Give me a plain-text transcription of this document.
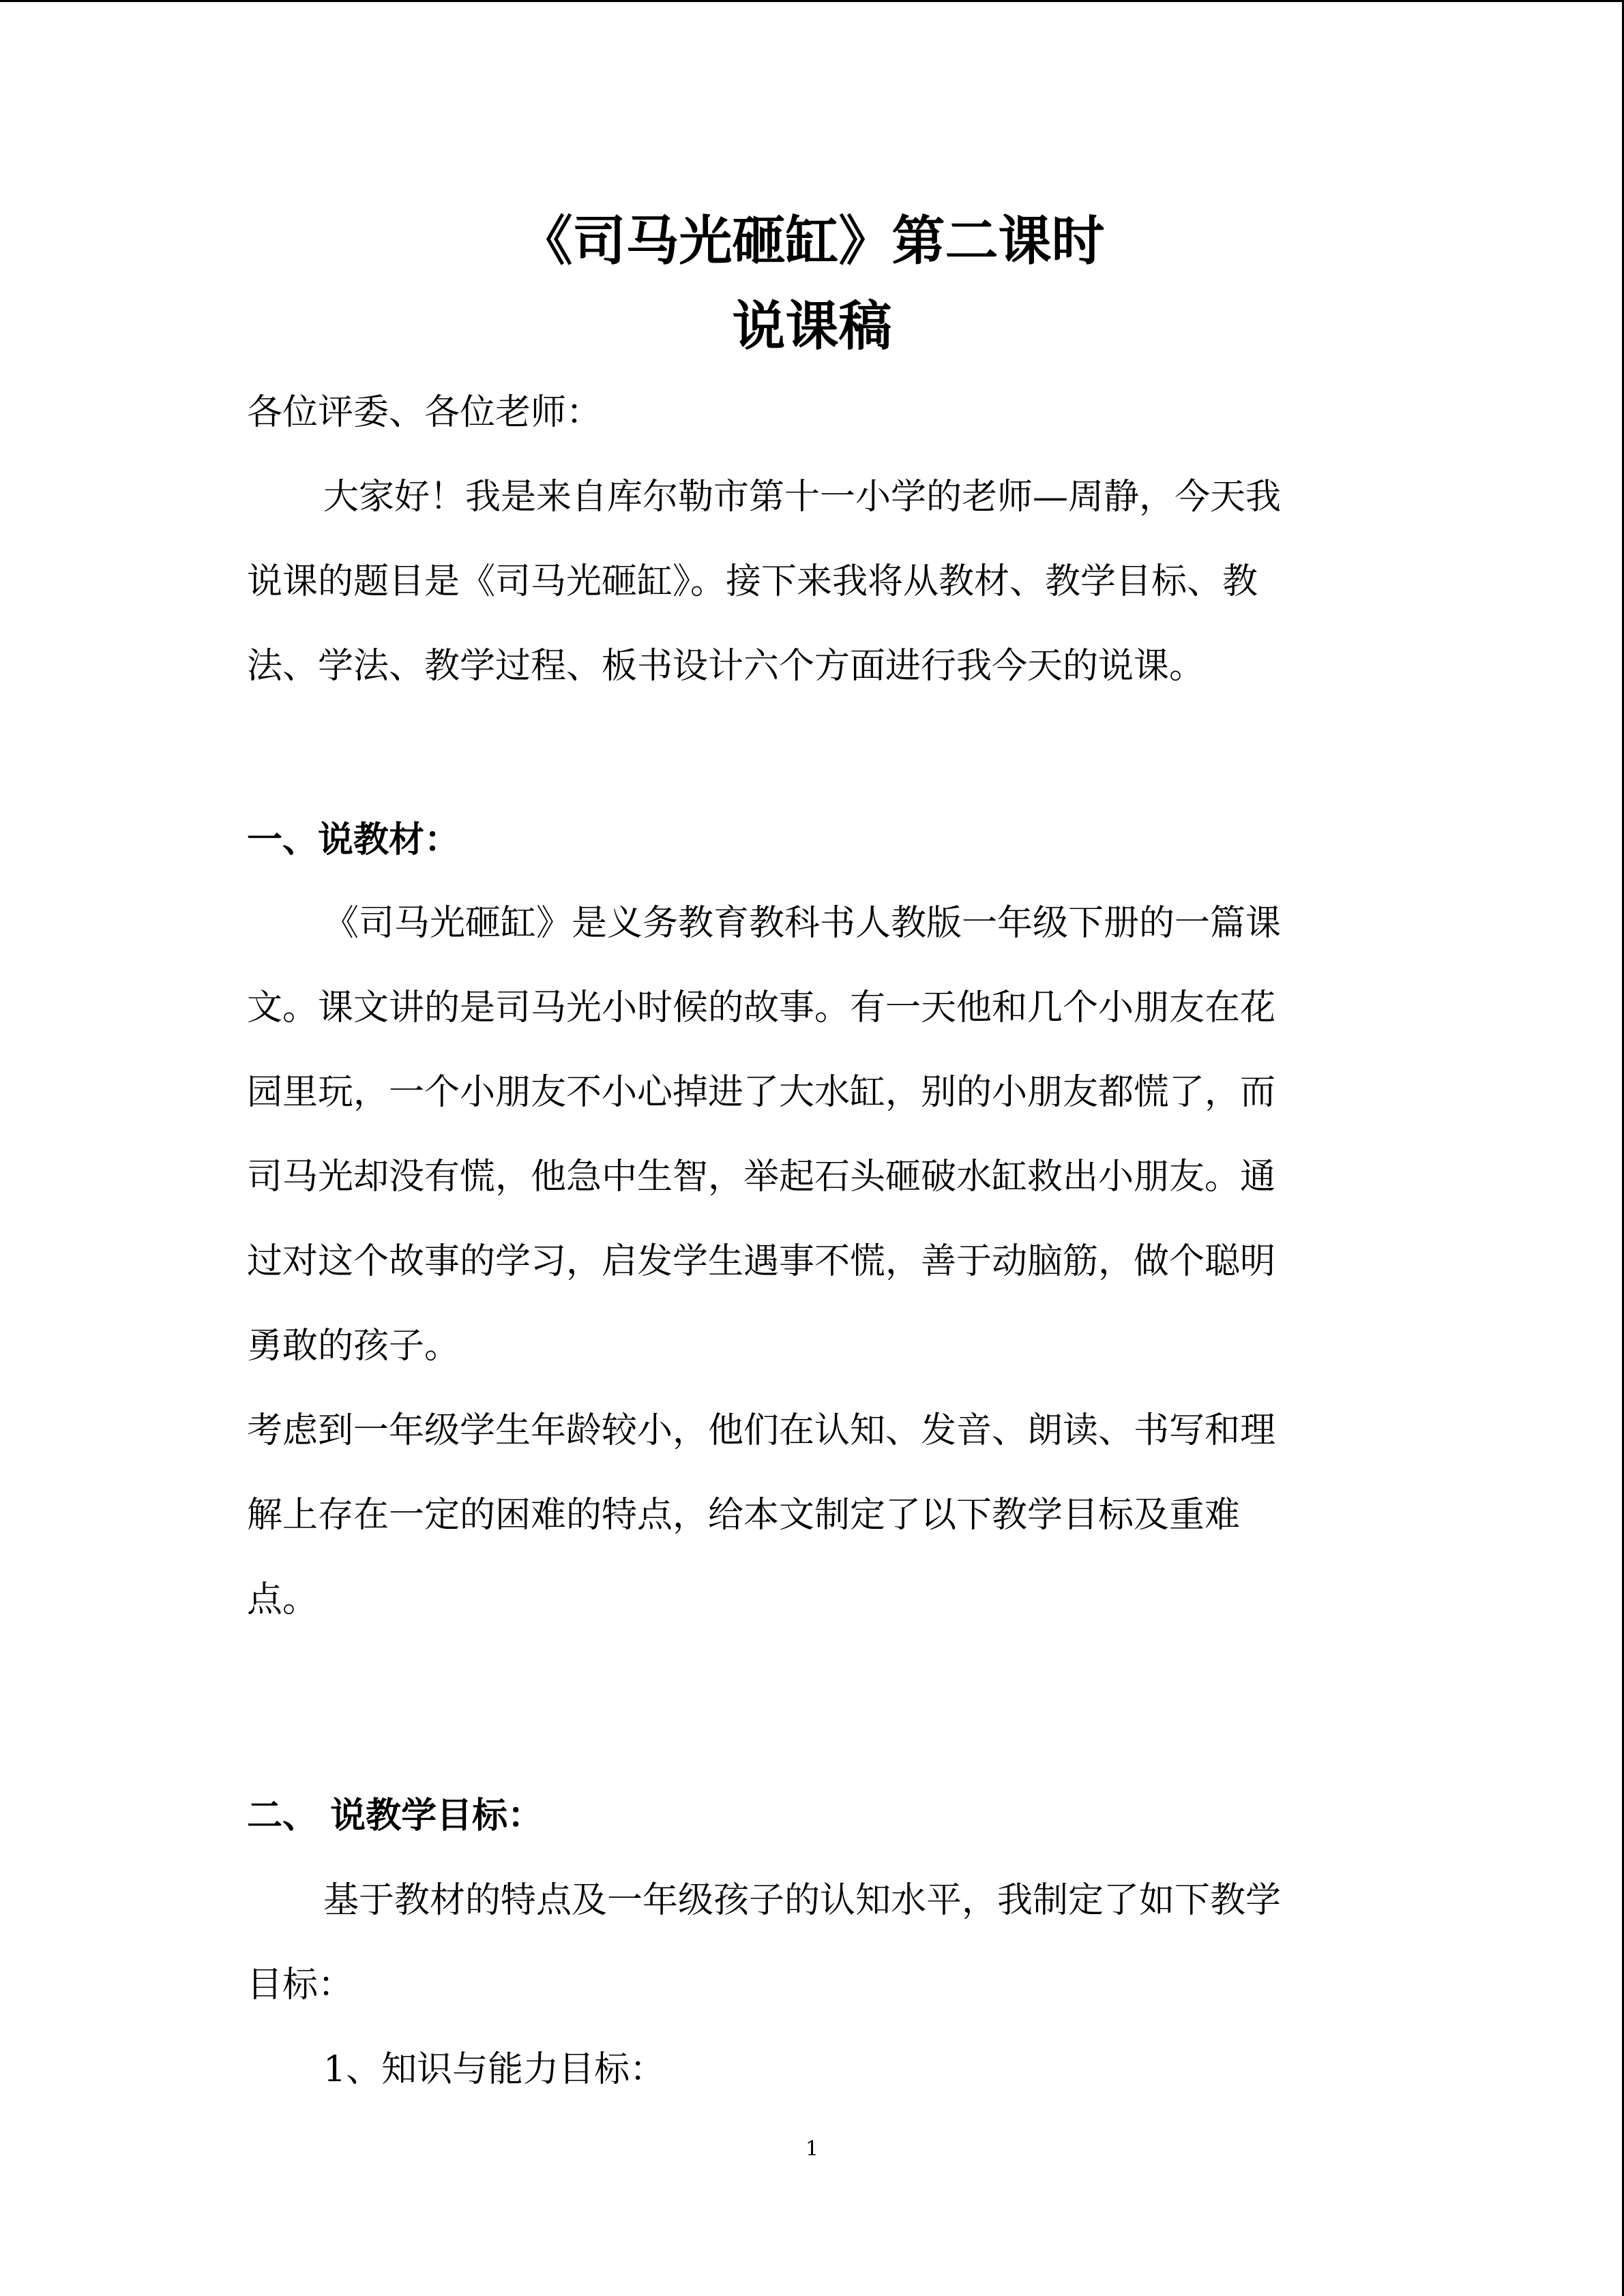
《司马光砸缸》第二课时
说课稿
各位评委、各位老师：
大家好！我是来自库尔勒市第十一小学的老师—周静，今天我
说课的题目是《司马光砸缸》。接下来我将从教材、教学目标、教
法、学法、教学过程、板书设计六个方面进行我今天的说课。
一、说教材：
《司马光砸缸》是义务教育教科书人教版一年级下册的一篇课
文。课文讲的是司马光小时候的故事。有一天他和几个小朋友在花
园里玩，一个小朋友不小心掉进了大水缸，别的小朋友都慌了，而
司马光却没有慌，他急中生智，举起石头砸破水缸救出小朋友。通
过对这个故事的学习，启发学生遇事不慌，善于动脑筋，做个聪明
勇敢的孩子。
考虑到一年级学生年龄较小，他们在认知、发音、朗读、书写和理
解上存在一定的困难的特点，给本文制定了以下教学目标及重难
点。
二、 说教学目标：
基于教材的特点及一年级孩子的认知水平，我制定了如下教学
目标：
1、知识与能力目标：
1
